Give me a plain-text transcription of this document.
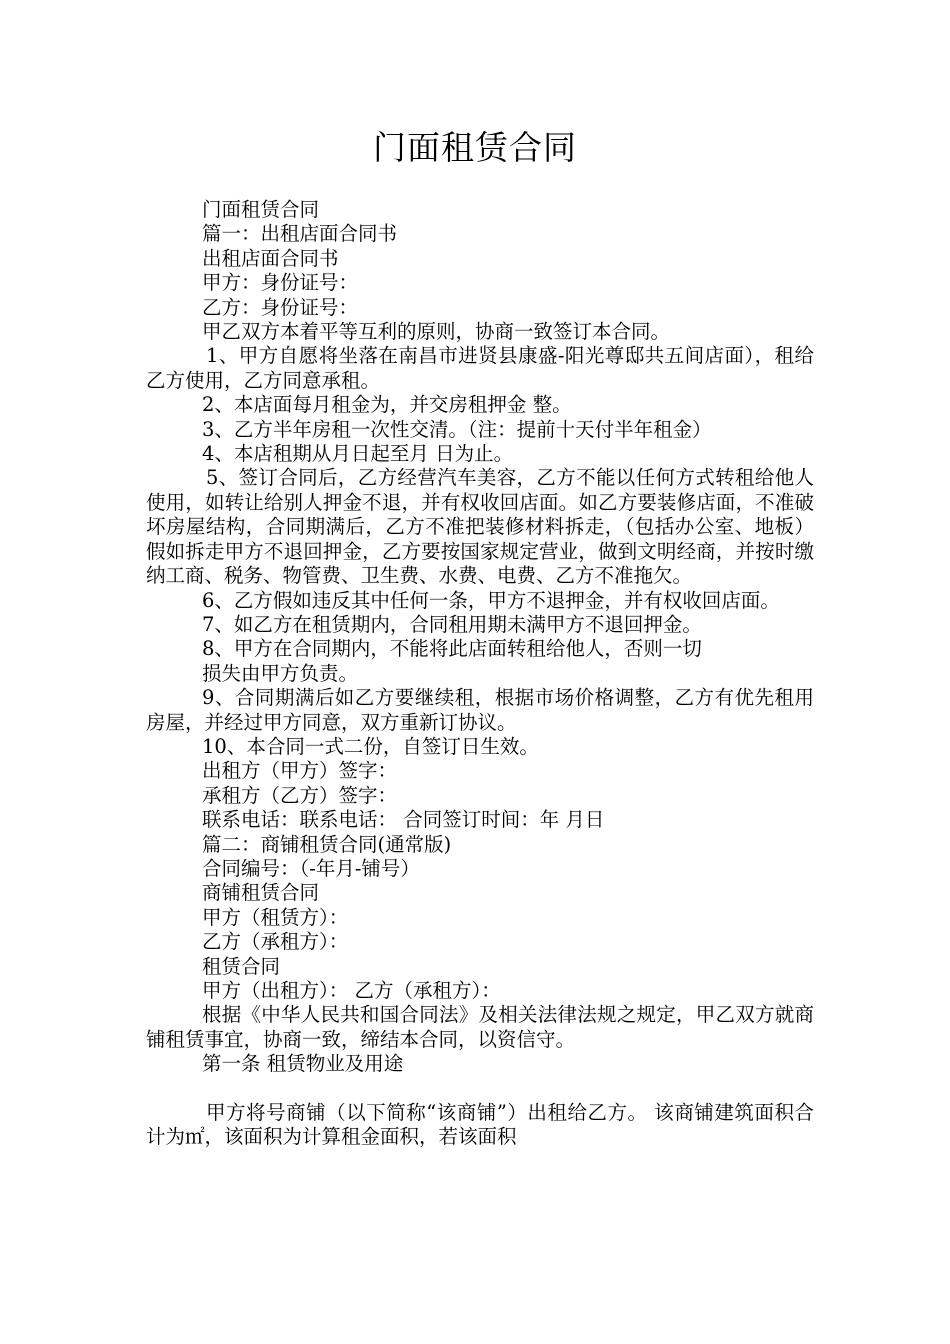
门面租赁合同

门面租赁合同

篇一：出租店面合同书

出租店面合同书

甲方：身份证号：

乙方：身份证号：

甲乙双方本着平等互利的原则，协商一致签订本合同。

1、甲方自愿将坐落在南昌市进贤县康盛-阳光尊邸共五间店面），租给乙方使用，乙方同意承租。

2、本店面每月租金为，并交房租押金 整。

3、乙方半年房租一次性交清。（注：提前十天付半年租金）

4、本店租期从月日起至月 日为止。

5、签订合同后，乙方经营汽车美容，乙方不能以任何方式转租给他人使用，如转让给别人押金不退，并有权收回店面。如乙方要装修店面，不准破坏房屋结构，合同期满后，乙方不准把装修材料拆走，（包括办公室、地板）假如拆走甲方不退回押金，乙方要按国家规定营业，做到文明经商，并按时缴纳工商、税务、物管费、卫生费、水费、电费、乙方不准拖欠。

6、乙方假如违反其中任何一条，甲方不退押金，并有权收回店面。

7、如乙方在租赁期内，合同租用期未满甲方不退回押金。

8、甲方在合同期内，不能将此店面转租给他人，否则一切

损失由甲方负责。

9、合同期满后如乙方要继续租，根据市场价格调整，乙方有优先租用房屋，并经过甲方同意，双方重新订协议。

10、本合同一式二份，自签订日生效。

出租方（甲方）签字：

承租方（乙方）签字：

联系电话：联系电话： 合同签订时间：年 月日

篇二：商铺租赁合同(通常版)

合同编号：（-年月-铺号）

商铺租赁合同

甲方（租赁方）：

乙方（承租方）：

租赁合同

甲方（出租方）： 乙方（承租方）：

根据《中华人民共和国合同法》及相关法律法规之规定，甲乙双方就商铺租赁事宜，协商一致，缔结本合同，以资信守。

第一条 租赁物业及用途

甲方将号商铺（以下简称“该商铺”）出租给乙方。 该商铺建筑面积合计为㎡，该面积为计算租金面积，若该面积
